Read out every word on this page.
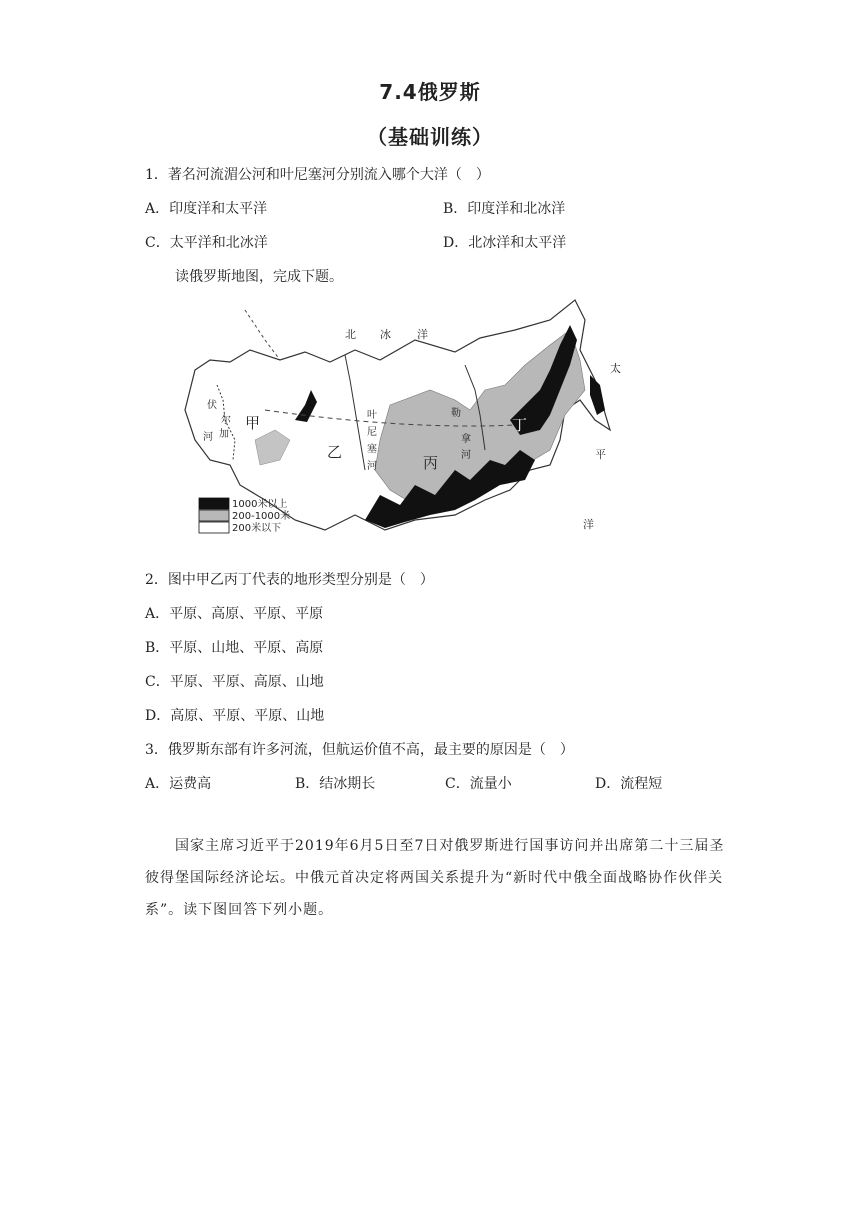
7.4俄罗斯
（基础训练）
1．著名河流湄公河和叶尼塞河分别流入哪个大洋（　）
A．印度洋和太平洋	B．印度洋和北冰洋
C．太平洋和北冰洋	D．北冰洋和太平洋
读俄罗斯地图，完成下题。
北 冰 洋
太
平
洋
甲
乙
丙
丁
伏
尔
加
河
叶
尼
塞
河
勒
拿
河
1000米以上
200-1000米
200米以下
2．图中甲乙丙丁代表的地形类型分别是（　）
A．平原、高原、平原、平原
B．平原、山地、平原、高原
C．平原、平原、高原、山地
D．高原、平原、平原、山地
3．俄罗斯东部有许多河流，但航运价值不高，最主要的原因是（　）
A．运费高	B．结冰期长	C．流量小	D．流程短
国家主席习近平于2019年6月5日至7日对俄罗斯进行国事访问并出席第二十三届圣彼得堡国际经济论坛。中俄元首决定将两国关系提升为“新时代中俄全面战略协作伙伴关系”。读下图回答下列小题。
